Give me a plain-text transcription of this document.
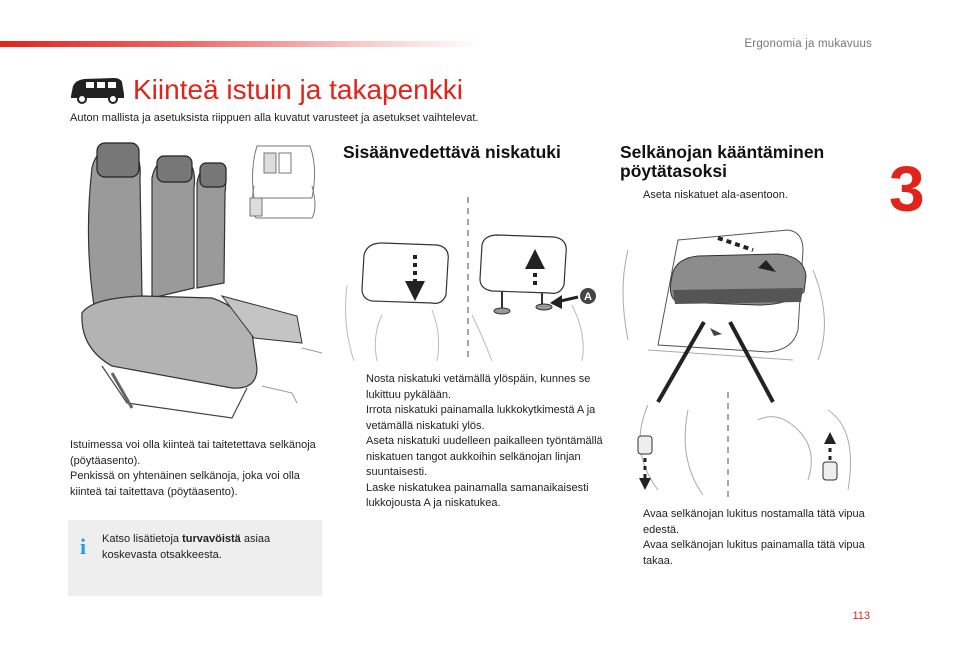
Ergonomia ja mukavuus
3
Kiinteä istuin ja takapenkki
Auton mallista ja asetuksista riippuen alla kuvatut varusteet ja asetukset vaihtelevat.
Istuimessa voi olla kiinteä tai taitetettava selkänoja (pöytäasento).
Penkissä on yhtenäinen selkänoja, joka voi olla kiinteä tai taitettava (pöytäasento).
i Katso lisätietoja turvavöistä asiaa koskevasta otsakkeesta.
Sisäänvedettävä niskatuki
A
Nosta niskatuki vetämällä ylöspäin, kunnes se lukittuu pykälään.
Irrota niskatuki painamalla lukkokytkimestä A ja vetämällä niskatuki ylös.
Aseta niskatuki uudelleen paikalleen työntämällä niskatuen tangot aukkoihin selkänojan linjan suuntaisesti.
Laske niskatukea painamalla samanaikaisesti lukkojousta A ja niskatukea.
Selkänojan kääntäminen pöytätasoksi
Aseta niskatuet ala-asentoon.
Avaa selkänojan lukitus nostamalla tätä vipua edestä.
Avaa selkänojan lukitus painamalla tätä vipua takaa.
113
